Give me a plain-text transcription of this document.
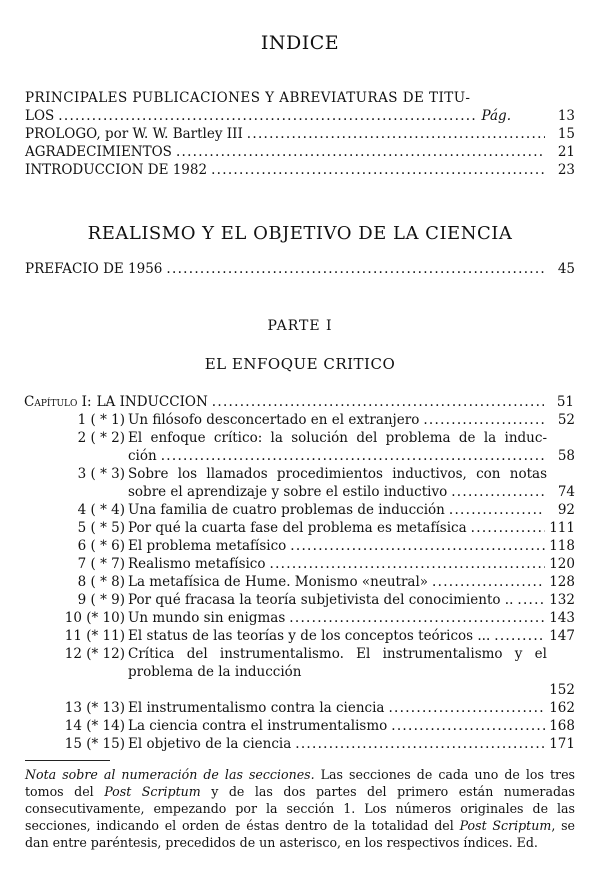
INDICE
PRINCIPALES PUBLICACIONES Y ABREVIATURAS DE TITU-
LOS . . .	Pág.	13
PROLOGO, por W. W. Bartley III . . .	15
AGRADECIMIENTOS . . .	21
INTRODUCCION DE 1982 . . .	23
REALISMO Y EL OBJETIVO DE LA CIENCIA
PREFACIO DE 1956 . . .	45
PARTE I
EL ENFOQUE CRITICO
Capítulo I: LA INDUCCION . . .	51
1 ( * 1) Un filósofo desconcertado en el extranjero . . .	52
2 ( * 2) El enfoque crítico: la solución del problema de la induc-
ción . . .	58
3 ( * 3) Sobre los llamados procedimientos inductivos, con notas
sobre el aprendizaje y sobre el estilo inductivo . . .	74
4 ( * 4) Una familia de cuatro problemas de inducción . . .	92
5 ( * 5) Por qué la cuarta fase del problema es metafísica . . .	111
6 ( * 6) El problema metafísico . . .	118
7 ( * 7) Realismo metafísico . . .	120
8 ( * 8) La metafísica de Hume. Monismo «neutral» . . .	128
9 ( * 9) Por qué fracasa la teoría subjetivista del conocimiento .. . . .	132
10 (* 10) Un mundo sin enigmas . . .	143
11 (* 11) El status de las teorías y de los conceptos teóricos ... . . .	147
12 (* 12) Crítica del instrumentalismo. El instrumentalismo y el
problema de la inducción
152
13 (* 13) El instrumentalismo contra la ciencia . . .	162
14 (* 14) La ciencia contra el instrumentalismo . . .	168
15 (* 15) El objetivo de la ciencia . . .	171
Nota sobre al numeración de las secciones. Las secciones de cada uno de los tres tomos del Post Scriptum y de las dos partes del primero están numeradas consecutivamente, empezando por la sección 1. Los números originales de las secciones, indicando el orden de éstas dentro de la totalidad del Post Scriptum, se dan entre paréntesis, precedidos de un asterisco, en los respectivos índices. Ed.
